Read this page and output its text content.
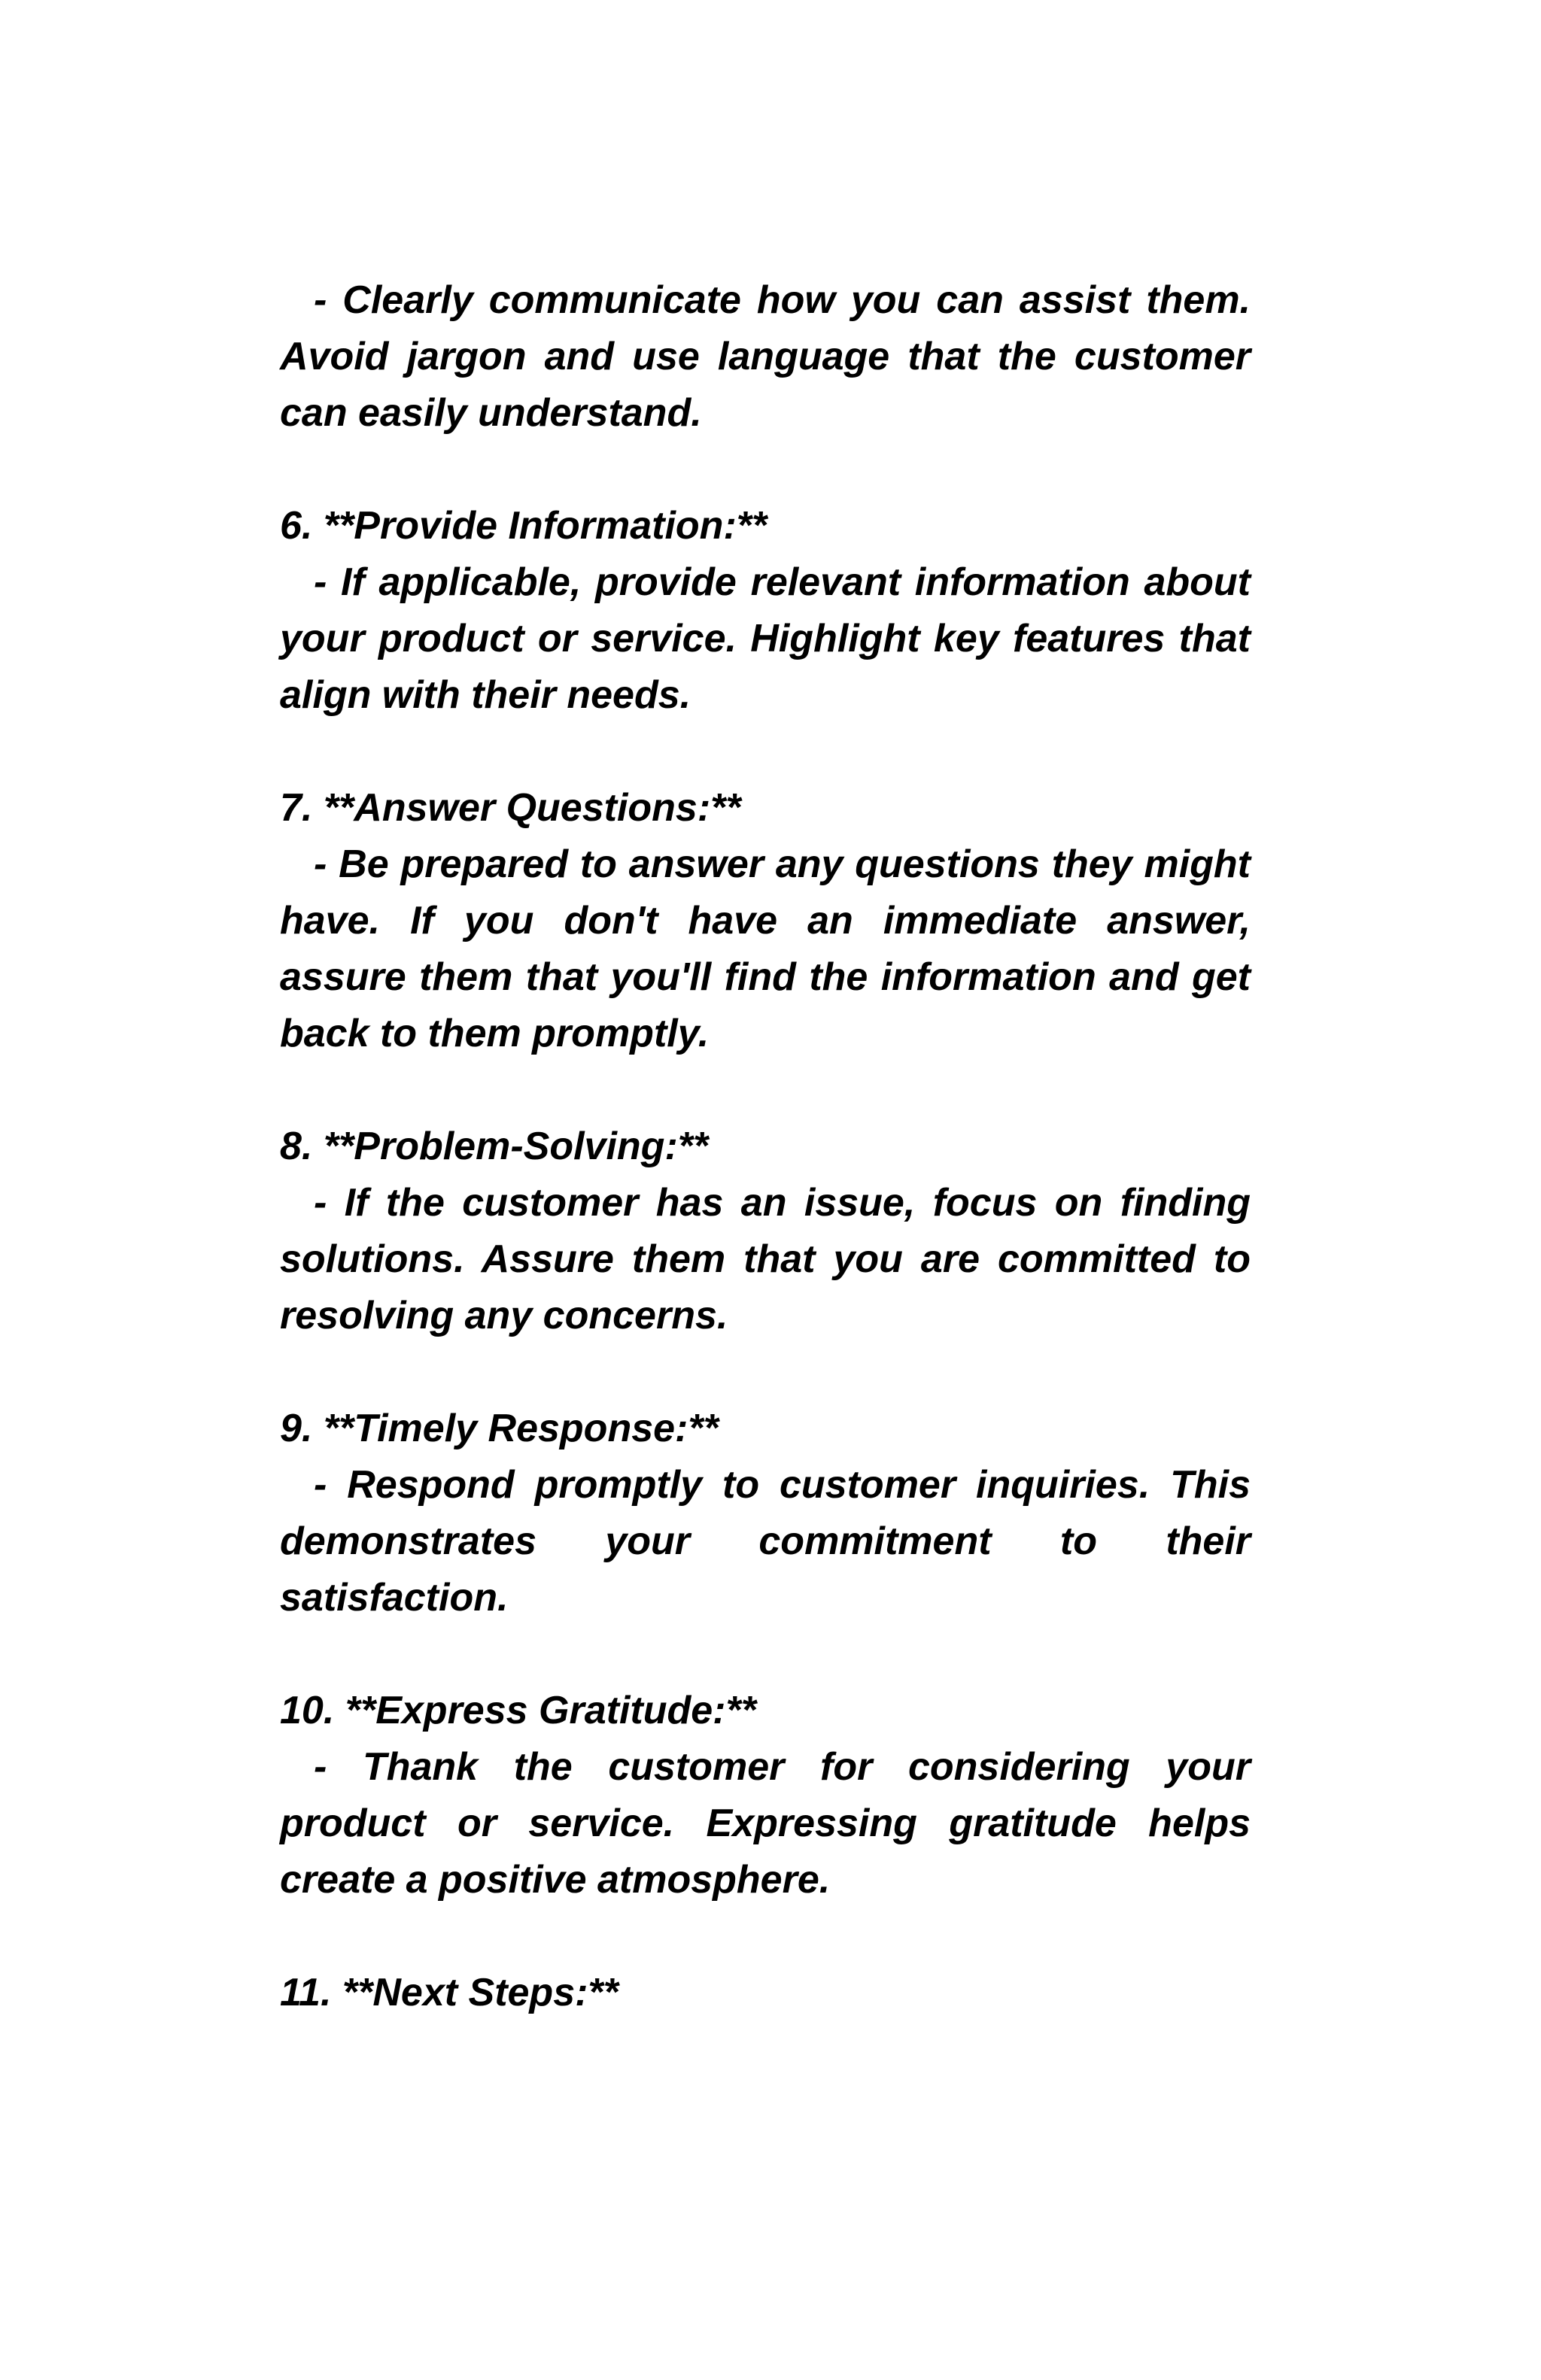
- Clearly communicate how you can assist them. Avoid jargon and use language that the customer can easily understand.

6. **Provide Information:**

- If applicable, provide relevant information about your product or service. Highlight key features that align with their needs.

7. **Answer Questions:**

- Be prepared to answer any questions they might have. If you don't have an immediate answer, assure them that you'll find the information and get back to them promptly.

8. **Problem-Solving:**

- If the customer has an issue, focus on finding solutions. Assure them that you are committed to resolving any concerns.

9. **Timely Response:**

- Respond promptly to customer inquiries. This demonstrates your commitment to their satisfaction.

10. **Express Gratitude:**

- Thank the customer for considering your product or service. Expressing gratitude helps create a positive atmosphere.

11. **Next Steps:**
